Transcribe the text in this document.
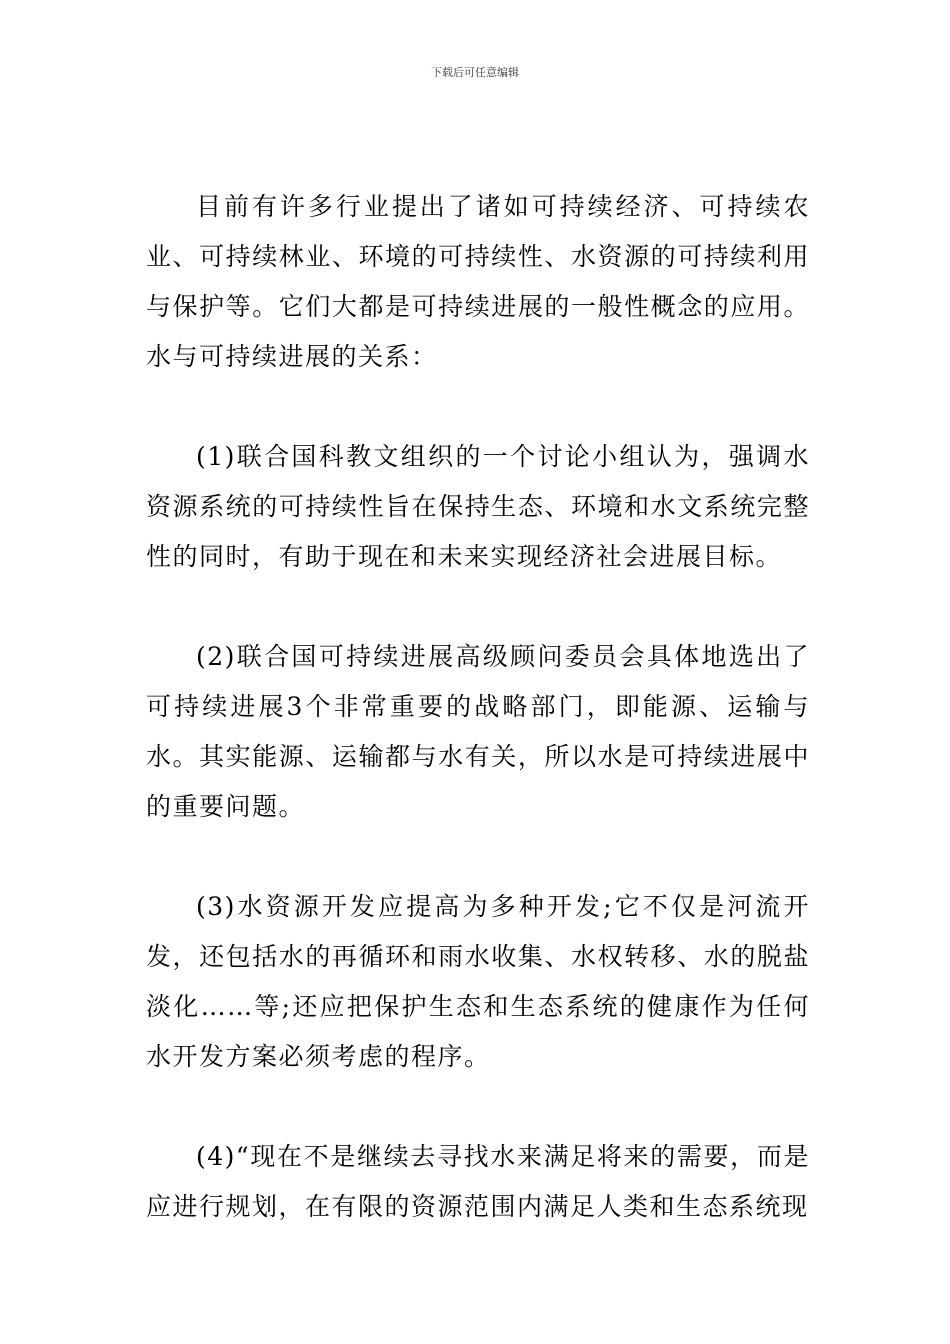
下载后可任意编辑

目前有许多行业提出了诸如可持续经济、可持续农业、可持续林业、环境的可持续性、水资源的可持续利用与保护等。它们大都是可持续进展的一般性概念的应用。水与可持续进展的关系：

(1)联合国科教文组织的一个讨论小组认为，强调水资源系统的可持续性旨在保持生态、环境和水文系统完整性的同时，有助于现在和未来实现经济社会进展目标。

(2)联合国可持续进展高级顾问委员会具体地选出了可持续进展3个非常重要的战略部门，即能源、运输与水。其实能源、运输都与水有关，所以水是可持续进展中的重要问题。

(3)水资源开发应提高为多种开发;它不仅是河流开发，还包括水的再循环和雨水收集、水权转移、水的脱盐淡化……等;还应把保护生态和生态系统的健康作为任何水开发方案必须考虑的程序。

(4)“现在不是继续去寻找水来满足将来的需要，而是应进行规划，在有限的资源范围内满足人类和生态系统现
